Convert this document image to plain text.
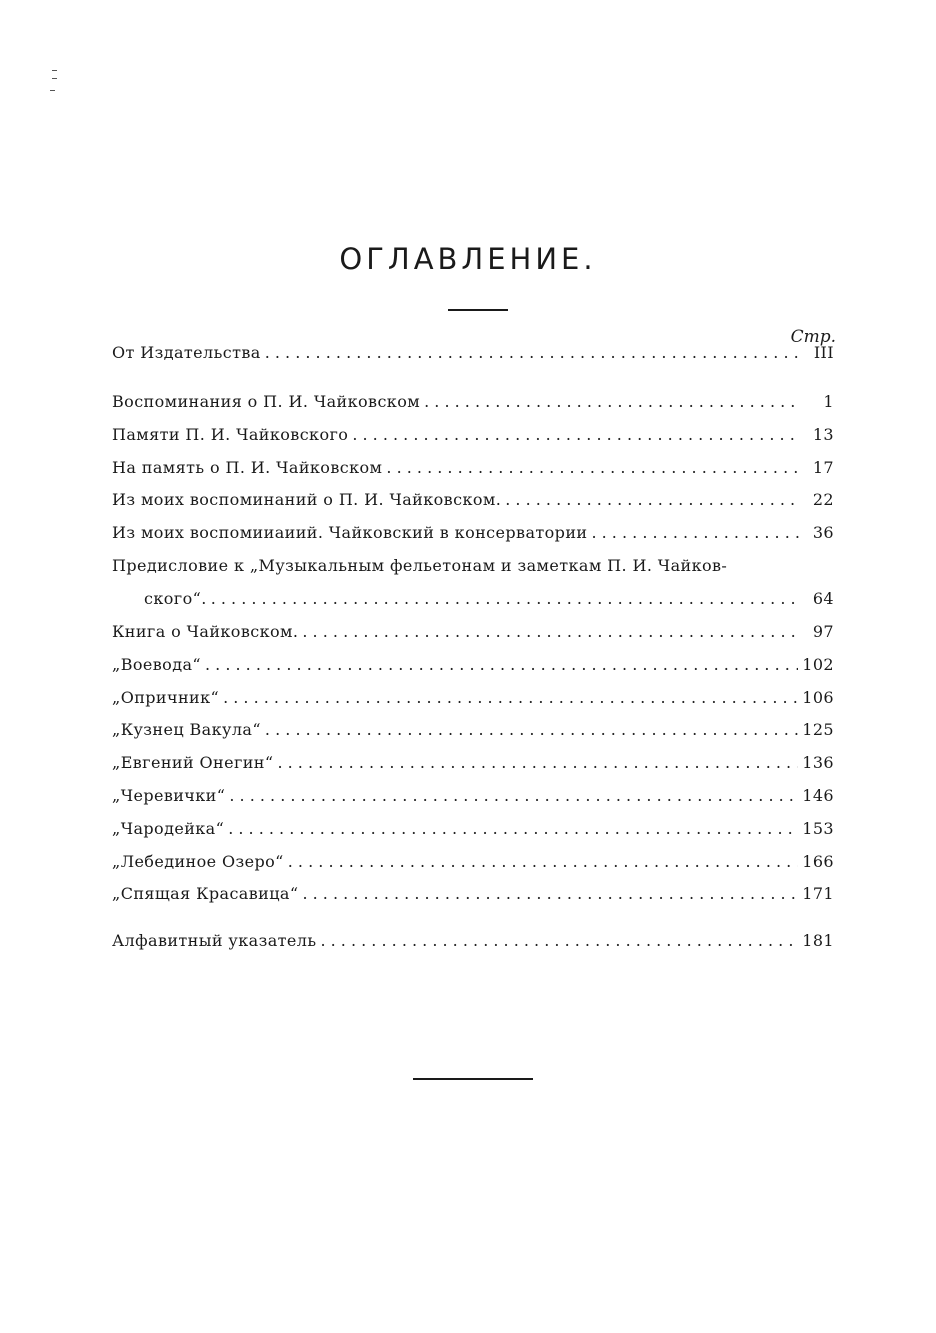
ОГЛАВЛЕНИЕ.
Стр.
От Издательства . . .	III
Воспоминания о П. И. Чайковском . . .	1
Памяти П. И. Чайковского . . .	13
На память о П. И. Чайковском . . .	17
Из моих воспоминаний о П. И. Чайковском. . . .	22
Из моих воспомииаиий. Чайковский в консерватории . . .	36
Предисловие к „Музыкальным фельетонам и заметкам П. И. Чайков-
ского“. . . .	64
Книга о Чайковском. . . .	97
„Воевода“ . . .	102
„Опричник“ . . .	106
„Кузнец Вакула“ . . .	125
„Евгений Онегин“ . . .	136
„Черевички“ . . .	146
„Чародейка“ . . .	153
„Лебединое Озеро“ . . .	166
„Спящая Красавица“ . . .	171
Алфавитный указатель . . .	181
